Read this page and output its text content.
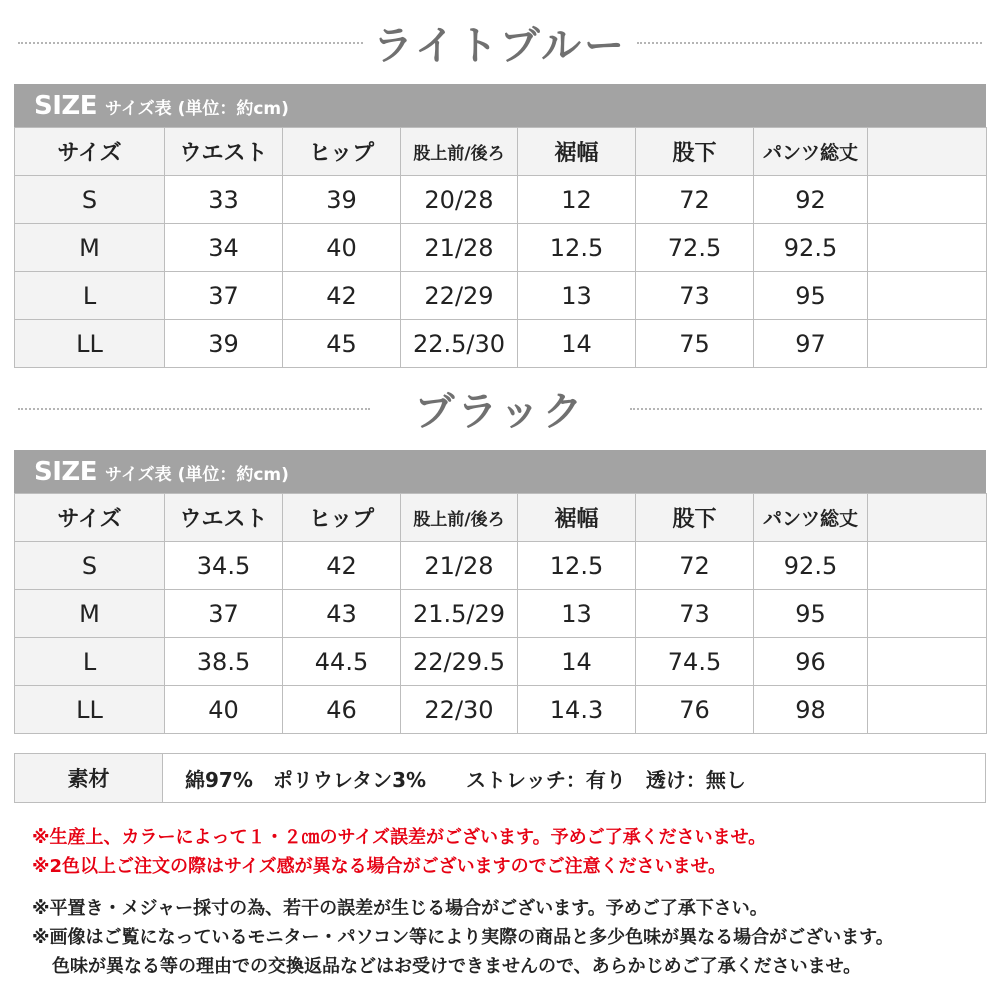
ライトブルー
SIZE サイズ表 (単位：約cm)
サイズ	ウエスト	ヒップ	股上前/後ろ	裾幅	股下	パンツ総丈	
S	33	39	20/28	12	72	92	
M	34	40	21/28	12.5	72.5	92.5	
L	37	42	22/29	13	73	95	
LL	39	45	22.5/30	14	75	97	
ブラック
SIZE サイズ表 (単位：約cm)
サイズ	ウエスト	ヒップ	股上前/後ろ	裾幅	股下	パンツ総丈	
S	34.5	42	21/28	12.5	72	92.5	
M	37	43	21.5/29	13	73	95	
L	38.5	44.5	22/29.5	14	74.5	96	
LL	40	46	22/30	14.3	76	98	
素材	綿97%　ポリウレタン3%　　ストレッチ：有り　透け：無し
※生産上、カラーによって１・２㎝のサイズ誤差がございます。予めご了承くださいませ。
※2色以上ご注文の際はサイズ感が異なる場合がございますのでご注意くださいませ。
※平置き・メジャー採寸の為、若干の誤差が生じる場合がございます。予めご了承下さい。
※画像はご覧になっているモニター・パソコン等により実際の商品と多少色味が異なる場合がございます。
色味が異なる等の理由での交換返品などはお受けできませんので、あらかじめご了承くださいませ。
